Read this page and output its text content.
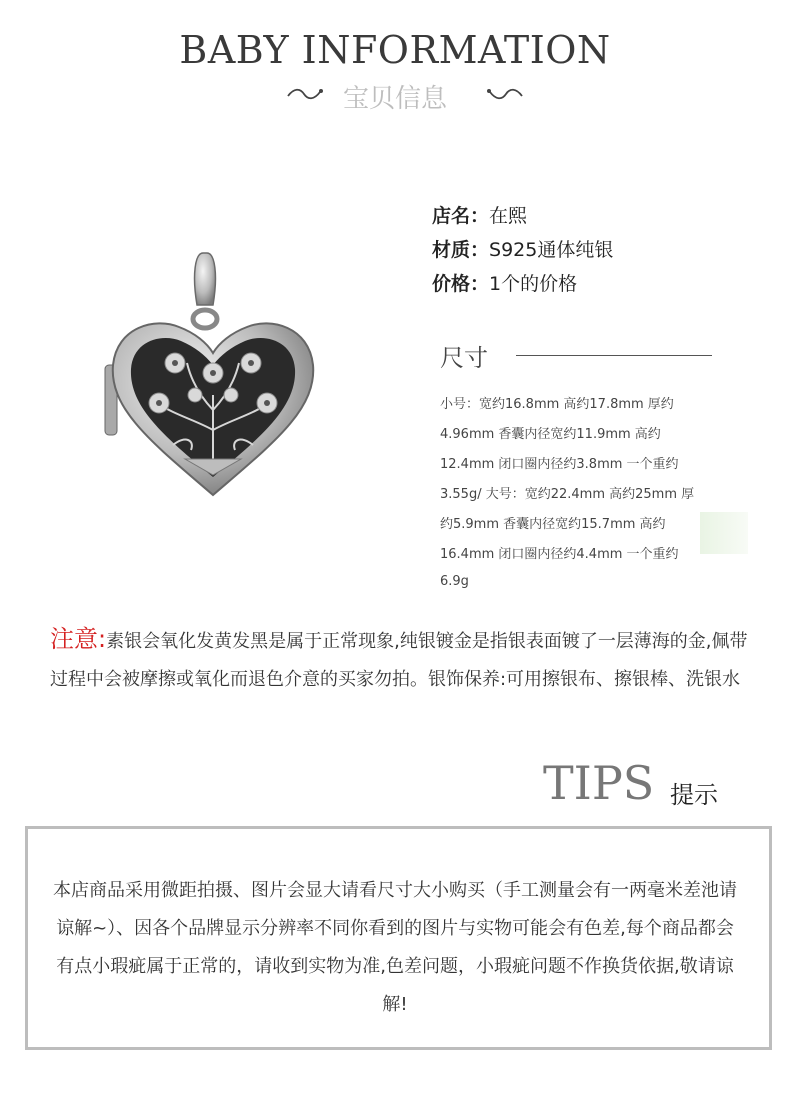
BABY INFORMATION
宝贝信息
店名：在熙
材质：S925通体纯银
价格：1个的价格
尺寸
小号：宽约16.8mm 高约17.8mm 厚约
4.96mm 香囊内径宽约11.9mm 高约
12.4mm 闭口圈内径约3.8mm 一个重约
3.55g/ 大号：宽约22.4mm 高约25mm 厚
约5.9mm 香囊内径宽约15.7mm 高约
16.4mm 闭口圈内径约4.4mm 一个重约
6.9g
注意:素银会氧化发黄发黑是属于正常现象,纯银镀金是指银表面镀了一层薄海的金,佩带过程中会被摩擦或氧化而退色介意的买家勿拍。银饰保养:可用擦银布、擦银棒、洗银水
TIPS 提示
本店商品采用微距拍摄、图片会显大请看尺寸大小购买（手工测量会有一两毫米差池请谅解~）、因各个品牌显示分辨率不同你看到的图片与实物可能会有色差,每个商品都会有点小瑕疵属于正常的，请收到实物为准,色差问题，小瑕疵问题不作换货依据,敬请谅解!
